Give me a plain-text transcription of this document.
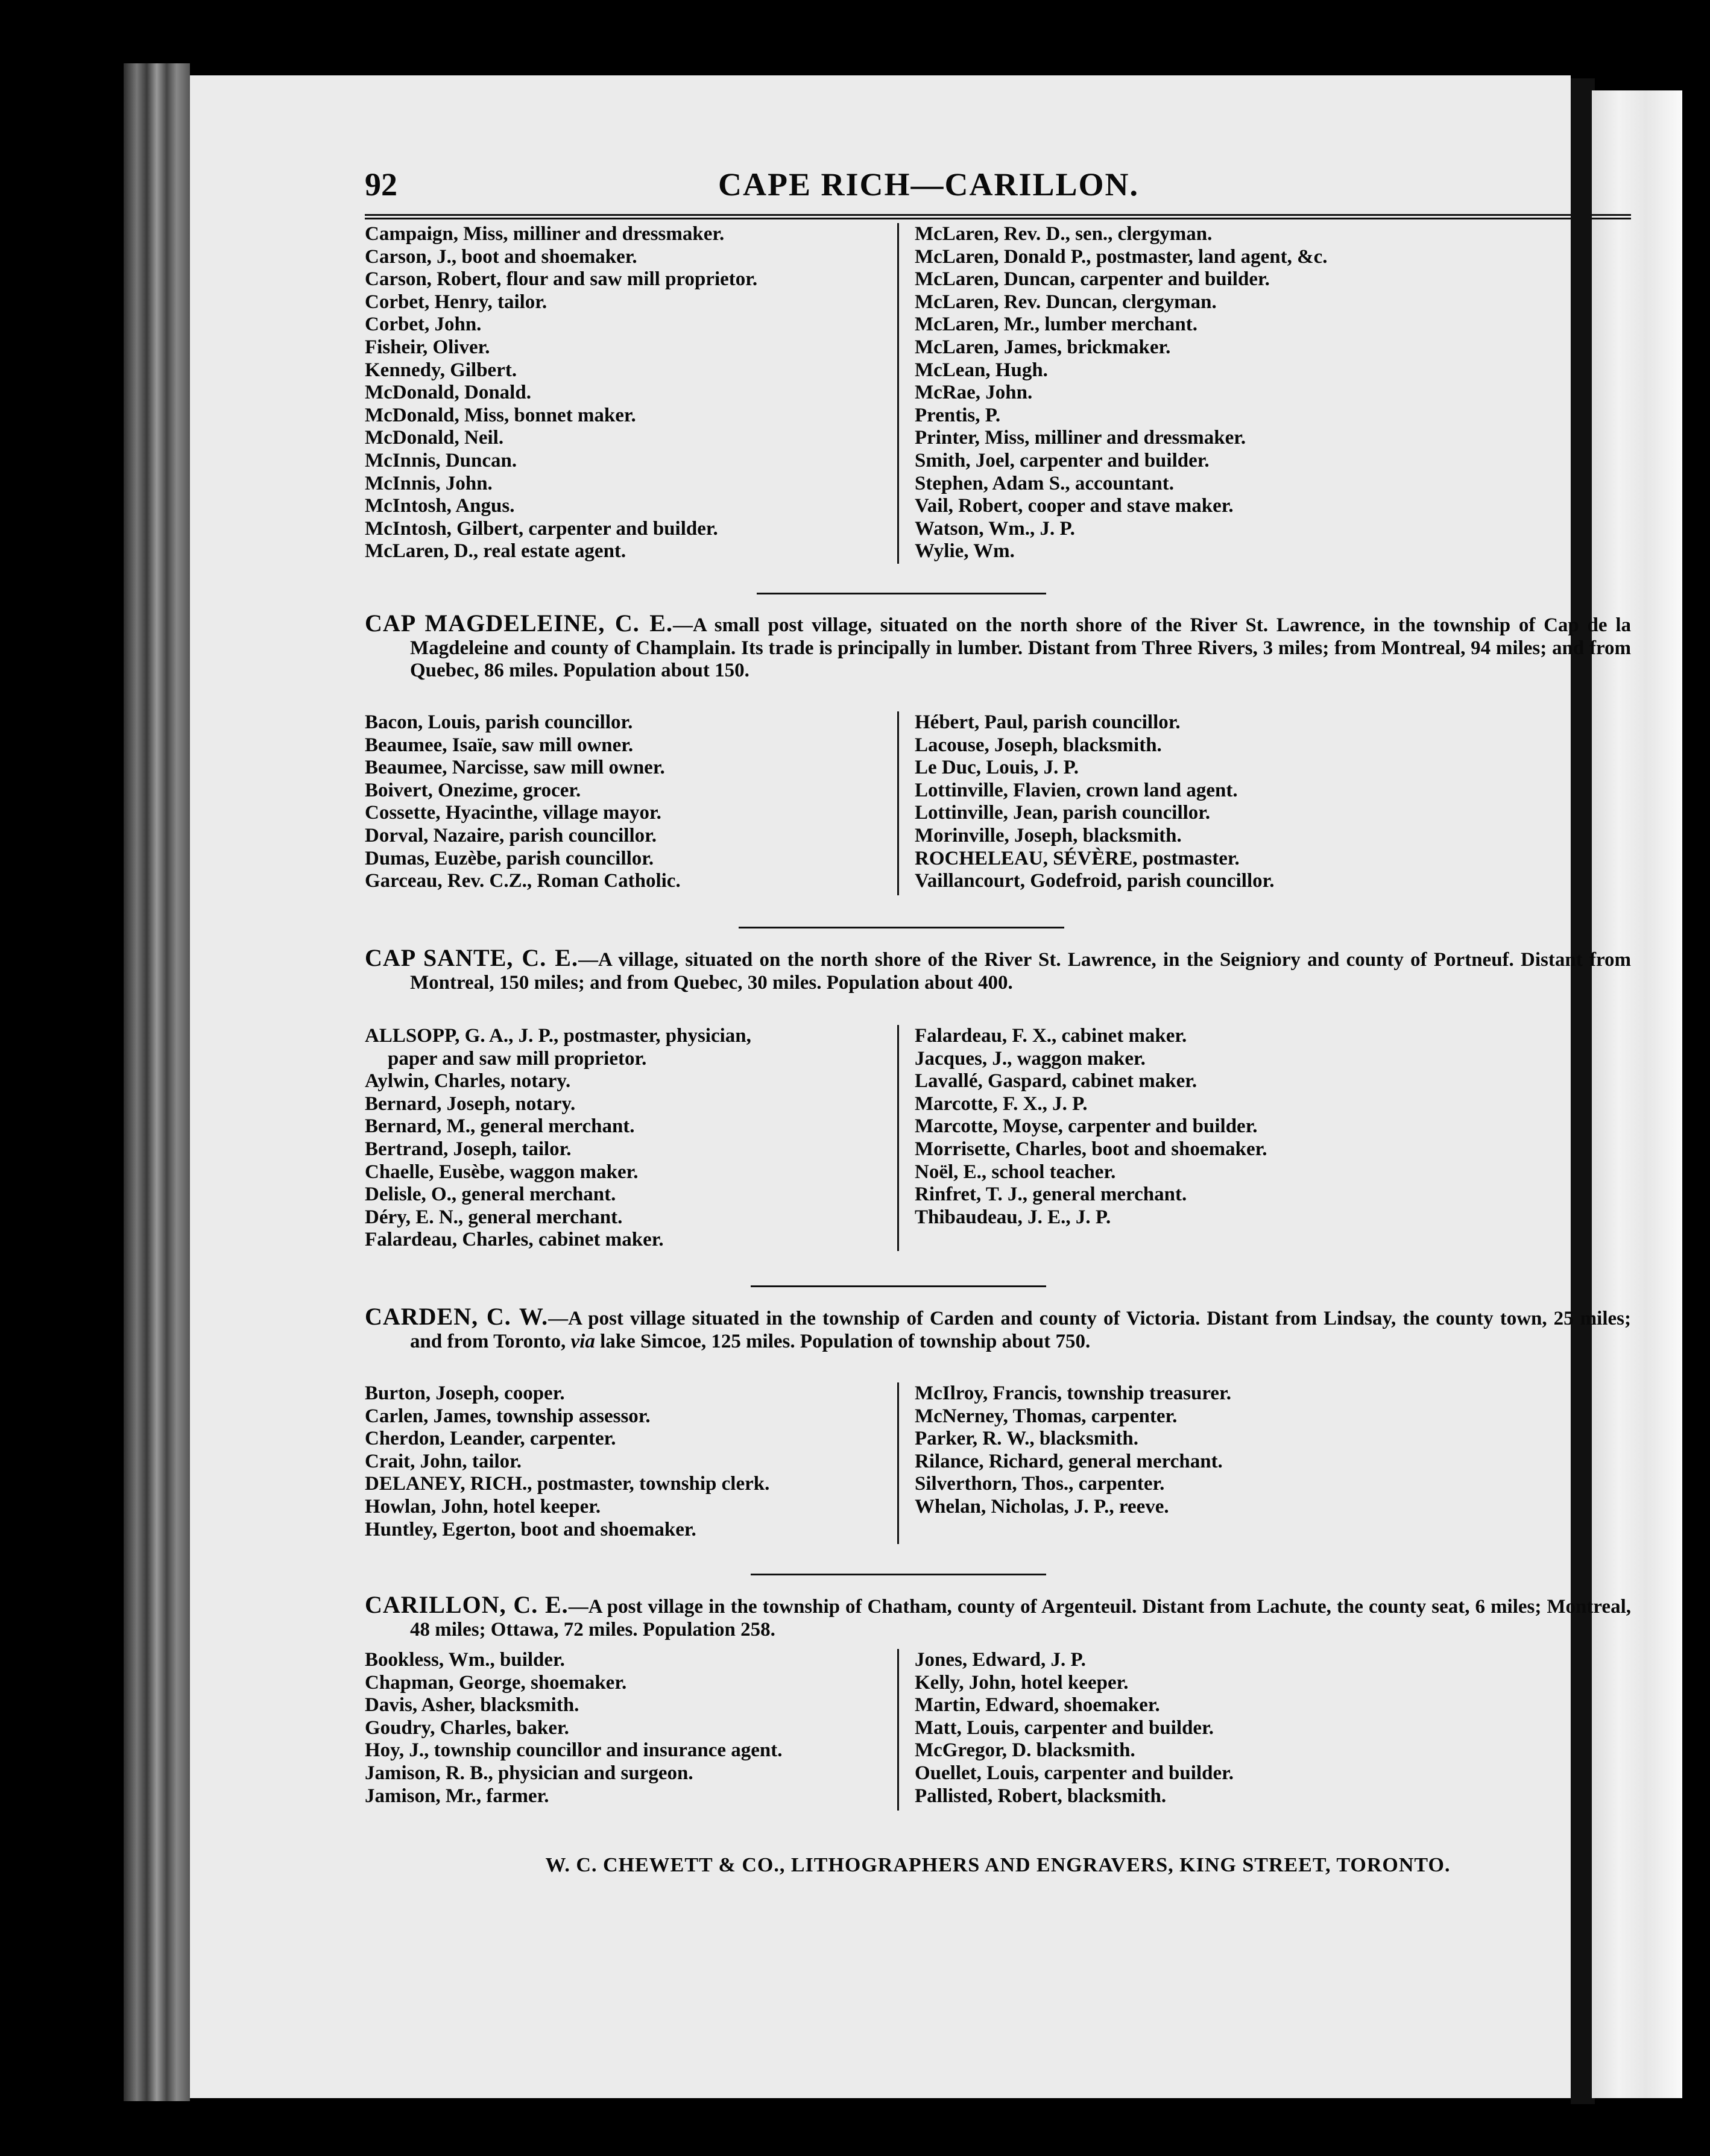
92	CAPE RICH—CARILLON.
Campaign, Miss, milliner and dressmaker.
Carson, J., boot and shoemaker.
Carson, Robert, flour and saw mill proprietor.
Corbet, Henry, tailor.
Corbet, John.
Fisheir, Oliver.
Kennedy, Gilbert.
McDonald, Donald.
McDonald, Miss, bonnet maker.
McDonald, Neil.
McInnis, Duncan.
McInnis, John.
McIntosh, Angus.
McIntosh, Gilbert, carpenter and builder.
McLaren, D., real estate agent.
McLaren, Rev. D., sen., clergyman.
McLaren, Donald P., postmaster, land agent, &c.
McLaren, Duncan, carpenter and builder.
McLaren, Rev. Duncan, clergyman.
McLaren, Mr., lumber merchant.
McLaren, James, brickmaker.
McLean, Hugh.
McRae, John.
Prentis, P.
Printer, Miss, milliner and dressmaker.
Smith, Joel, carpenter and builder.
Stephen, Adam S., accountant.
Vail, Robert, cooper and stave maker.
Watson, Wm., J. P.
Wylie, Wm.

CAP MAGDELEINE, C. E.—A small post village, situated on the north shore of the River St. Lawrence, in the township of Cap de la Magdeleine and county of Champlain. Its trade is principally in lumber. Distant from Three Rivers, 3 miles; from Montreal, 94 miles; and from Quebec, 86 miles. Population about 150.

Bacon, Louis, parish councillor.
Beaumee, Isaïe, saw mill owner.
Beaumee, Narcisse, saw mill owner.
Boivert, Onezime, grocer.
Cossette, Hyacinthe, village mayor.
Dorval, Nazaire, parish councillor.
Dumas, Euzèbe, parish councillor.
Garceau, Rev. C.Z., Roman Catholic.
Hébert, Paul, parish councillor.
Lacouse, Joseph, blacksmith.
Le Duc, Louis, J. P.
Lottinville, Flavien, crown land agent.
Lottinville, Jean, parish councillor.
Morinville, Joseph, blacksmith.
ROCHELEAU, SÉVÈRE, postmaster.
Vaillancourt, Godefroid, parish councillor.

CAP SANTE, C. E.—A village, situated on the north shore of the River St. Lawrence, in the Seigniory and county of Portneuf. Distant from Montreal, 150 miles; and from Quebec, 30 miles. Population about 400.

ALLSOPP, G. A., J. P., postmaster, physician,
paper and saw mill proprietor.
Aylwin, Charles, notary.
Bernard, Joseph, notary.
Bernard, M., general merchant.
Bertrand, Joseph, tailor.
Chaelle, Eusèbe, waggon maker.
Delisle, O., general merchant.
Déry, E. N., general merchant.
Falardeau, Charles, cabinet maker.
Falardeau, F. X., cabinet maker.
Jacques, J., waggon maker.
Lavallé, Gaspard, cabinet maker.
Marcotte, F. X., J. P.
Marcotte, Moyse, carpenter and builder.
Morrisette, Charles, boot and shoemaker.
Noël, E., school teacher.
Rinfret, T. J., general merchant.
Thibaudeau, J. E., J. P.

CARDEN, C. W.—A post village situated in the township of Carden and county of Victoria. Distant from Lindsay, the county town, 25 miles; and from Toronto, via lake Simcoe, 125 miles. Population of township about 750.

Burton, Joseph, cooper.
Carlen, James, township assessor.
Cherdon, Leander, carpenter.
Crait, John, tailor.
DELANEY, RICH., postmaster, township clerk.
Howlan, John, hotel keeper.
Huntley, Egerton, boot and shoemaker.
McIlroy, Francis, township treasurer.
McNerney, Thomas, carpenter.
Parker, R. W., blacksmith.
Rilance, Richard, general merchant.
Silverthorn, Thos., carpenter.
Whelan, Nicholas, J. P., reeve.

CARILLON, C. E.—A post village in the township of Chatham, county of Argenteuil. Distant from Lachute, the county seat, 6 miles; Montreal, 48 miles; Ottawa, 72 miles. Population 258.

Bookless, Wm., builder.
Chapman, George, shoemaker.
Davis, Asher, blacksmith.
Goudry, Charles, baker.
Hoy, J., township councillor and insurance agent.
Jamison, R. B., physician and surgeon.
Jamison, Mr., farmer.
Jones, Edward, J. P.
Kelly, John, hotel keeper.
Martin, Edward, shoemaker.
Matt, Louis, carpenter and builder.
McGregor, D. blacksmith.
Ouellet, Louis, carpenter and builder.
Pallisted, Robert, blacksmith.
W. C. CHEWETT & CO., LITHOGRAPHERS AND ENGRAVERS, KING STREET, TORONTO.
